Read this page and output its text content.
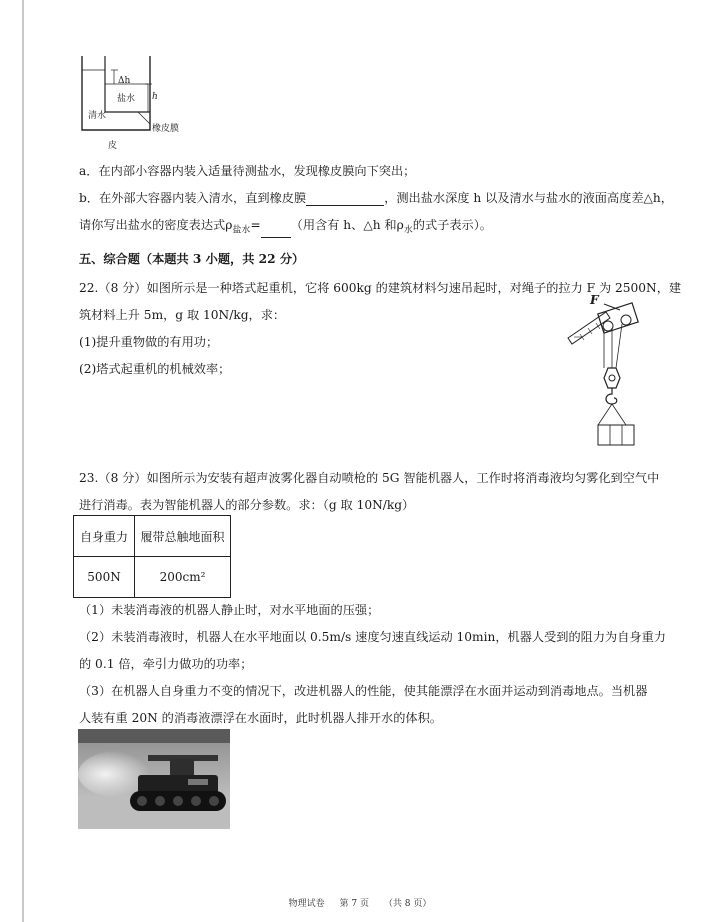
Δh
h
盐水
清水
橡皮膜
皮
a．在内部小容器内装入适量待测盐水，发现橡皮膜向下突出；
b．在外部大容器内装入清水，直到橡皮膜	，测出盐水深度 h 以及清水与盐水的液面高度差△h，
请你写出盐水的密度表达式$\rho_{盐水}=$ （用含有 h、△h 和$\rho_水$的式子表示）。
五、综合题（本题共 3 小题，共 22 分）
22.（8 分）如图所示是一种塔式起重机，它将 600kg 的建筑材料匀速吊起时，对绳子的拉力 F 为 2500N，建
筑材料上升 5m，g 取 10N/kg，求：
(1)提升重物做的有用功；
(2)塔式起重机的机械效率；
F
23.（8 分）如图所示为安装有超声波雾化器自动喷枪的 5G 智能机器人，工作时将消毒液均匀雾化到空气中
进行消毒。表为智能机器人的部分参数。求：（g 取 10N/kg）
自身重力	履带总触地面积
500N	200cm²
（1）未装消毒液的机器人静止时，对水平地面的压强；
（2）未装消毒液时，机器人在水平地面以 0.5m/s 速度匀速直线运动 10min，机器人受到的阻力为自身重力
的 0.1 倍，牵引力做功的功率；
（3）在机器人自身重力不变的情况下，改进机器人的性能，使其能漂浮在水面并运动到消毒地点。当机器
人装有重 20N 的消毒液漂浮在水面时，此时机器人排开水的体积。
物理试卷 第 7 页 （共 8 页）
